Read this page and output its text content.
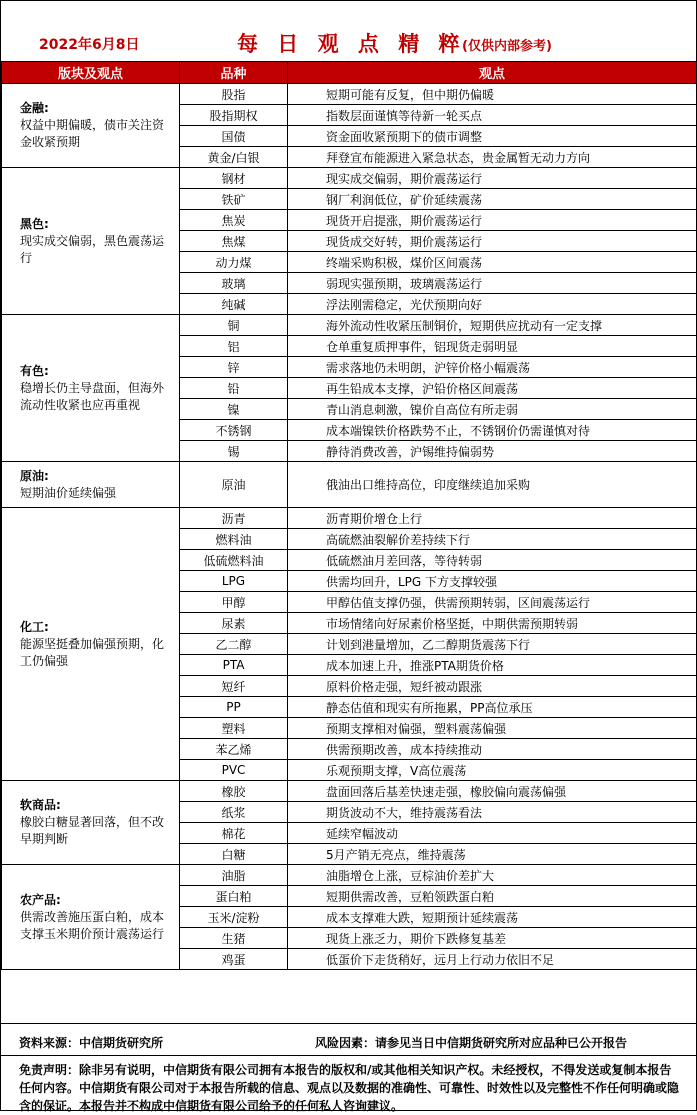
2022年6月8日	每 日 观 点 精 粹
(仅供内部参考)
版块及观点	品种	观点

金融:
权益中期偏暖，债市关注资金收紧预期	股指	短期可能有反复，但中期仍偏暖
	股指期权	指数层面谨慎等待新一轮买点
	国债	资金面收紧预期下的债市调整
	黄金/白银	拜登宣布能源进入紧急状态，贵金属暂无动力方向

黑色:
现实成交偏弱，黑色震荡运行	钢材	现实成交偏弱，期价震荡运行
	铁矿	钢厂利润低位，矿价延续震荡
	焦炭	现货开启提涨，期价震荡运行
	焦煤	现货成交好转，期价震荡运行
	动力煤	终端采购积极，煤价区间震荡
	玻璃	弱现实强预期，玻璃震荡运行
	纯碱	浮法刚需稳定，光伏预期向好

有色:
稳增长仍主导盘面，但海外流动性收紧也应再重视	铜	海外流动性收紧压制铜价，短期供应扰动有一定支撑
	铝	仓单重复质押事件，铝现货走弱明显
	锌	需求落地仍未明朗，沪锌价格小幅震荡
	铅	再生铅成本支撑，沪铅价格区间震荡
	镍	青山消息刺激，镍价自高位有所走弱
	不锈钢	成本端镍铁价格跌势不止，不锈钢价仍需谨慎对待
	锡	静待消费改善，沪锡维持偏弱势

原油:
短期油价延续偏强	原油	俄油出口维持高位，印度继续追加采购

化工:
能源坚挺叠加偏强预期，化工仍偏强	沥青	沥青期价增仓上行
	燃料油	高硫燃油裂解价差持续下行
	低硫燃料油	低硫燃油月差回落，等待转弱
	LPG	供需均回升，LPG 下方支撑较强
	甲醇	甲醇估值支撑仍强，供需预期转弱，区间震荡运行
	尿素	市场情绪向好尿素价格坚挺，中期供需预期转弱
	乙二醇	计划到港量增加，乙二醇期货震荡下行
	PTA	成本加速上升，推涨PTA期货价格
	短纤	原料价格走强，短纤被动跟涨
	PP	静态估值和现实有所拖累，PP高位承压
	塑料	预期支撑相对偏强，塑料震荡偏强
	苯乙烯	供需预期改善，成本持续推动
	PVC	乐观预期支撑，V高位震荡

软商品:
橡胶白糖显著回落，但不改早期判断	橡胶	盘面回落后基差快速走强，橡胶偏向震荡偏强
	纸浆	期货波动不大，维持震荡看法
	棉花	延续窄幅波动
	白糖	5月产销无亮点，维持震荡

农产品:
供需改善施压蛋白粕，成本支撑玉米期价预计震荡运行	油脂	油脂增仓上涨，豆棕油价差扩大
	蛋白粕	短期供需改善，豆粕领跌蛋白粕
	玉米/淀粉	成本支撑难大跌，短期预计延续震荡
	生猪	现货上涨乏力，期价下跌修复基差
	鸡蛋	低蛋价下走货稍好，远月上行动力依旧不足
资料来源：中信期货研究所	风险因素：请参见当日中信期货研究所对应品种已公开报告
免责声明：除非另有说明，中信期货有限公司拥有本报告的版权和/或其他相关知识产权。未经授权，不得发送或复制本报告任何内容。中信期货有限公司对于本报告所载的信息、观点以及数据的准确性、可靠性、时效性以及完整性不作任何明确或隐含的保证。本报告并不构成中信期货有限公司给予的任何私人咨询建议。
